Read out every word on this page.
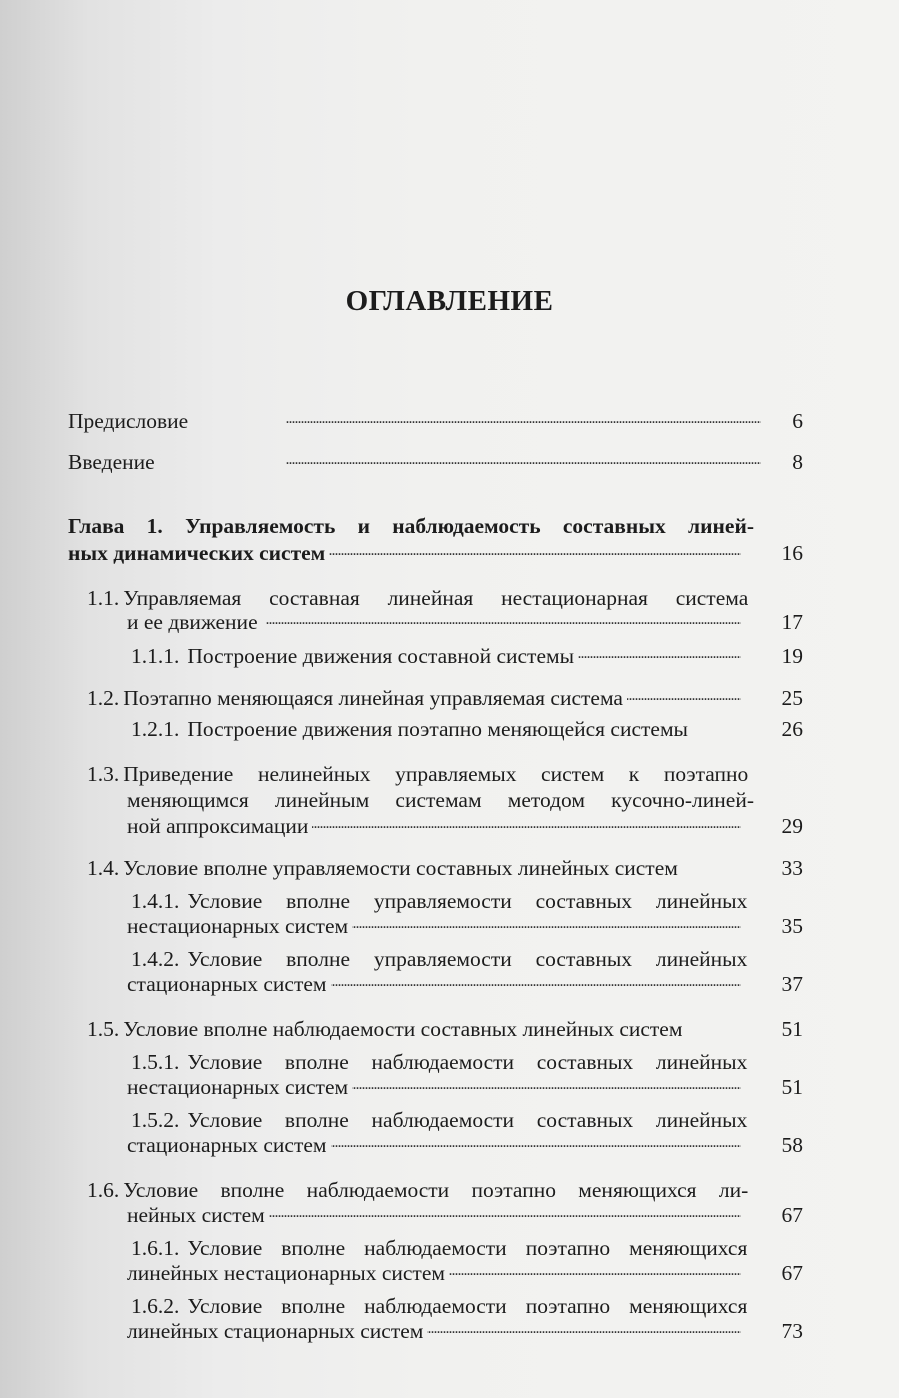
ОГЛАВЛЕНИЕ
Предисловие . . .	6
Введение . . .	8
Глава 1. Управляемость и наблюдаемость составных линей-
ных динамических систем . . .	16
1.1. Управляемая составная линейная нестационарная система
и ее движение . . .	17
1.1.1. Построение движения составной системы . . .	19
1.2. Поэтапно меняющаяся линейная управляемая система . . .	25
1.2.1. Построение движения поэтапно меняющейся системы	26
1.3. Приведение нелинейных управляемых систем к поэтапно
меняющимся линейным системам методом кусочно-линей-
ной аппроксимации . . .	29
1.4. Условие вполне управляемости составных линейных систем	33
1.4.1. Условие вполне управляемости составных линейных
нестационарных систем . . .	35
1.4.2. Условие вполне управляемости составных линейных
стационарных систем . . .	37
1.5. Условие вполне наблюдаемости составных линейных систем	51
1.5.1. Условие вполне наблюдаемости составных линейных
нестационарных систем . . .	51
1.5.2. Условие вполне наблюдаемости составных линейных
стационарных систем . . .	58
1.6. Условие вполне наблюдаемости поэтапно меняющихся ли-
нейных систем . . .	67
1.6.1. Условие вполне наблюдаемости поэтапно меняющихся
линейных нестационарных систем . . .	67
1.6.2. Условие вполне наблюдаемости поэтапно меняющихся
линейных стационарных систем . . .	73
